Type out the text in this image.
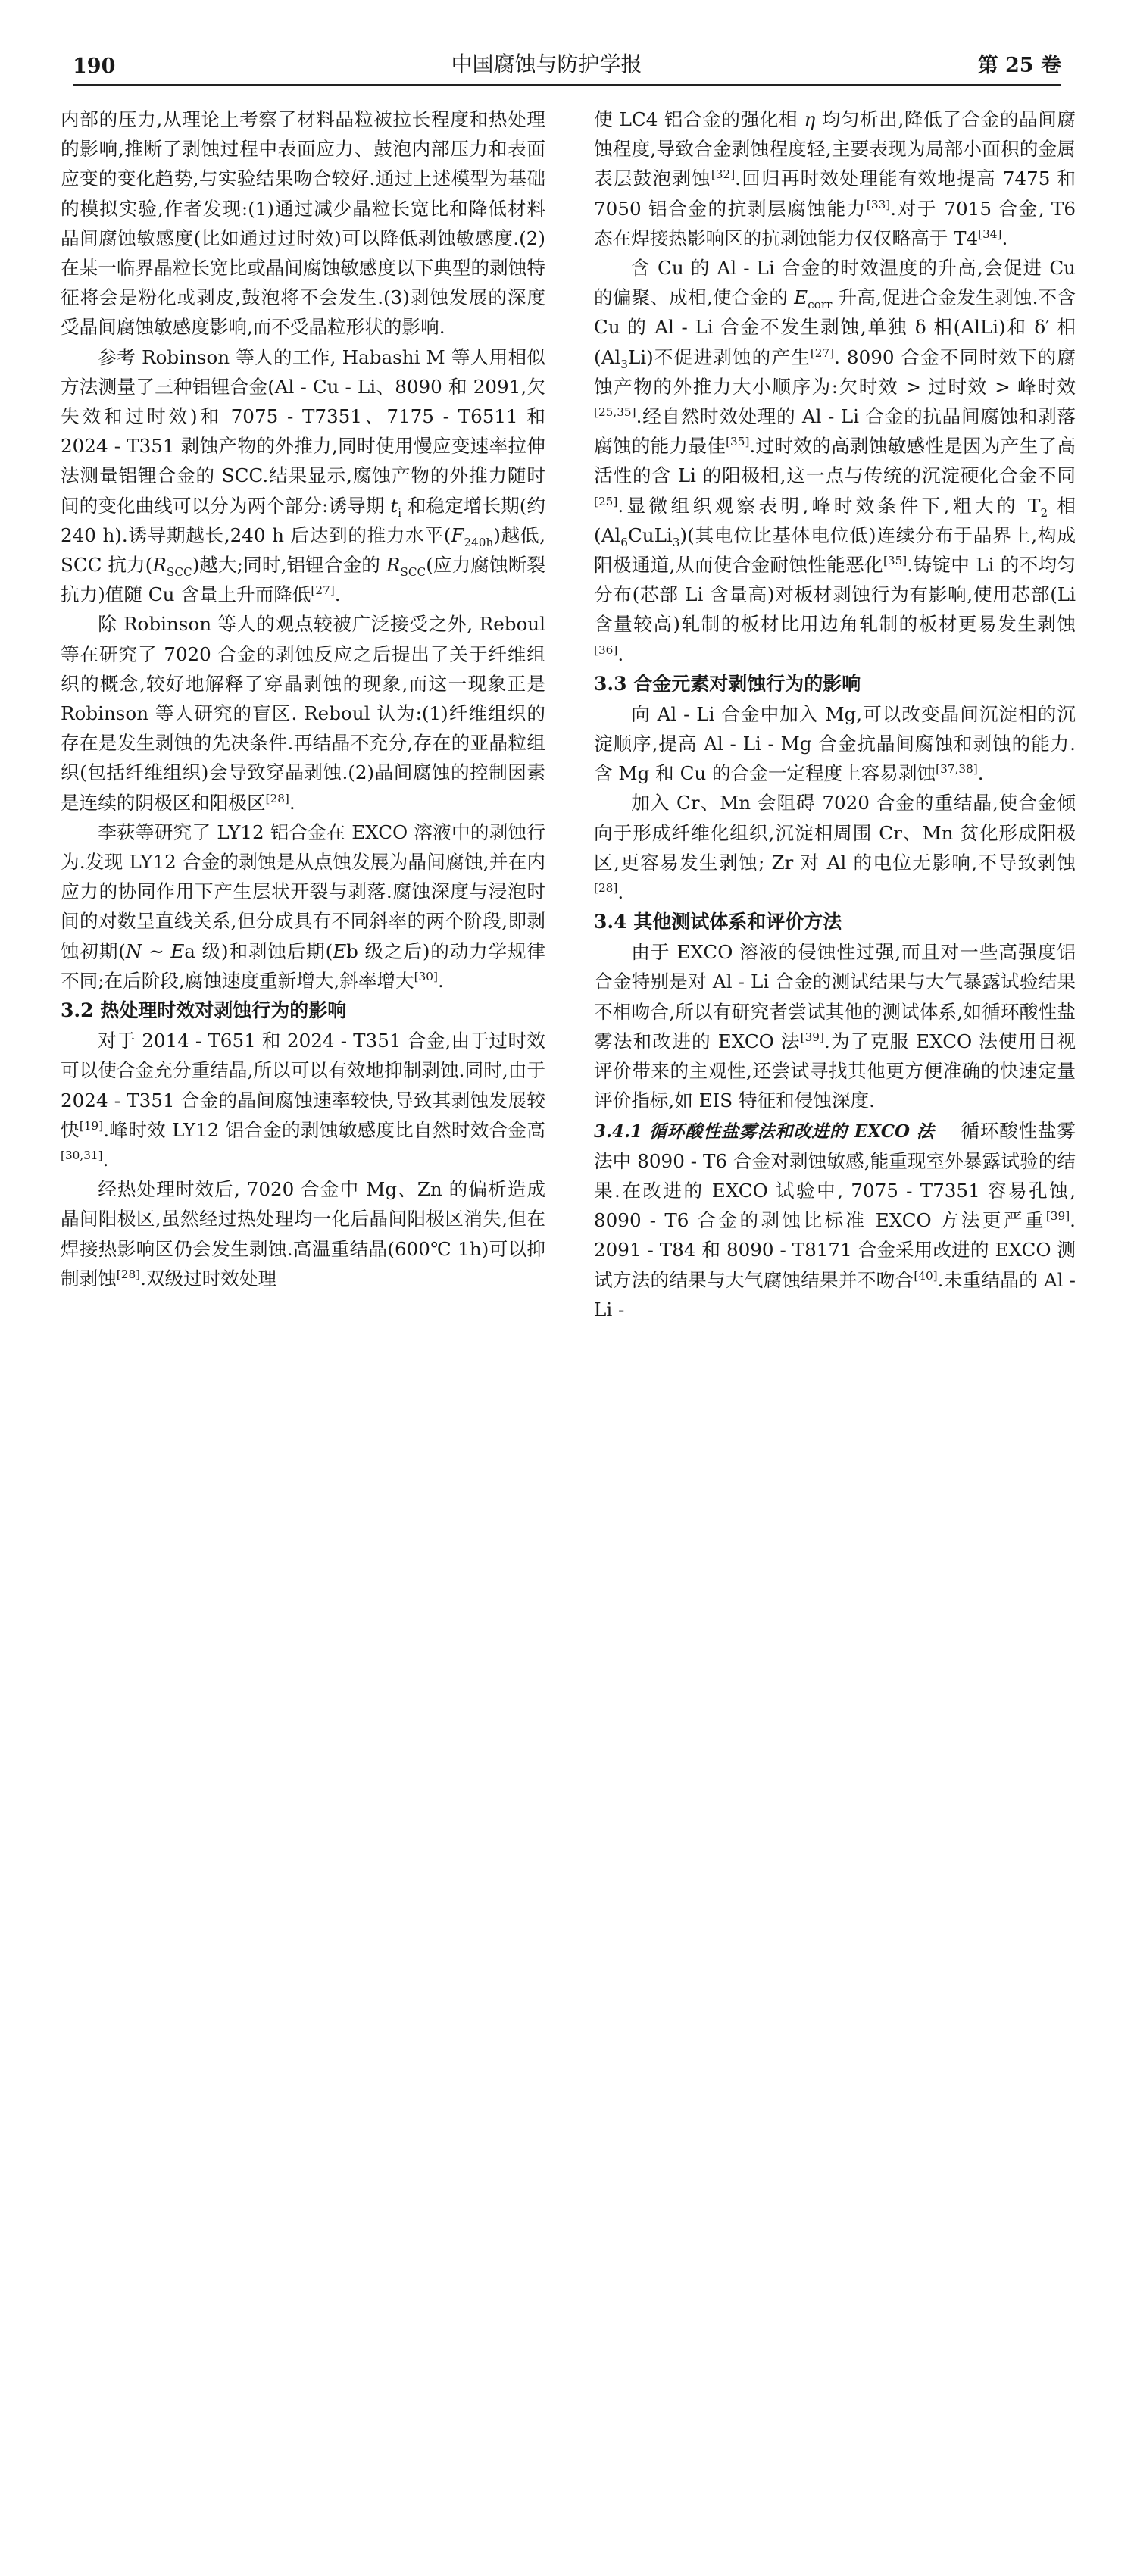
190	中国腐蚀与防护学报	第 25 卷

内部的压力,从理论上考察了材料晶粒被拉长程度和热处理的影响,推断了剥蚀过程中表面应力、鼓泡内部压力和表面应变的变化趋势,与实验结果吻合较好.通过上述模型为基础的模拟实验,作者发现:(1)通过减少晶粒长宽比和降低材料晶间腐蚀敏感度(比如通过过时效)可以降低剥蚀敏感度.(2)在某一临界晶粒长宽比或晶间腐蚀敏感度以下典型的剥蚀特征将会是粉化或剥皮,鼓泡将不会发生.(3)剥蚀发展的深度受晶间腐蚀敏感度影响,而不受晶粒形状的影响.

参考 Robinson 等人的工作, Habashi M 等人用相似方法测量了三种铝锂合金(Al - Cu - Li、8090 和 2091,欠失效和过时效)和 7075 - T7351、7175 - T6511 和 2024 - T351 剥蚀产物的外推力,同时使用慢应变速率拉伸法测量铝锂合金的 SCC.结果显示,腐蚀产物的外推力随时间的变化曲线可以分为两个部分:诱导期 $t_i$ 和稳定增长期(约 240 h).诱导期越长,240 h 后达到的推力水平$(F_{240h})$越低, SCC 抗力$(R_{SCC})$越大;同时,铝锂合金的 $R_{SCC}$(应力腐蚀断裂抗力)值随 Cu 含量上升而降低[27].

除 Robinson 等人的观点较被广泛接受之外, Reboul 等在研究了 7020 合金的剥蚀反应之后提出了关于纤维组织的概念,较好地解释了穿晶剥蚀的现象,而这一现象正是 Robinson 等人研究的盲区. Reboul 认为:(1)纤维组织的存在是发生剥蚀的先决条件.再结晶不充分,存在的亚晶粒组织(包括纤维组织)会导致穿晶剥蚀.(2)晶间腐蚀的控制因素是连续的阴极区和阳极区[28].

李荻等研究了 LY12 铝合金在 EXCO 溶液中的剥蚀行为.发现 LY12 合金的剥蚀是从点蚀发展为晶间腐蚀,并在内应力的协同作用下产生层状开裂与剥落.腐蚀深度与浸泡时间的对数呈直线关系,但分成具有不同斜率的两个阶段,即剥蚀初期(N ~ Ea 级)和剥蚀后期(Eb 级之后)的动力学规律不同;在后阶段,腐蚀速度重新增大,斜率增大[30].

3.2 热处理时效对剥蚀行为的影响

对于 2014 - T651 和 2024 - T351 合金,由于过时效可以使合金充分重结晶,所以可以有效地抑制剥蚀.同时,由于 2024 - T351 合金的晶间腐蚀速率较快,导致其剥蚀发展较快[19].峰时效 LY12 铝合金的剥蚀敏感度比自然时效合金高[30,31].

经热处理时效后, 7020 合金中 Mg、Zn 的偏析造成晶间阳极区,虽然经过热处理均一化后晶间阳极区消失,但在焊接热影响区仍会发生剥蚀.高温重结晶(600℃ 1h)可以抑制剥蚀[28].双级过时效处理

使 LC4 铝合金的强化相 η 均匀析出,降低了合金的晶间腐蚀程度,导致合金剥蚀程度轻,主要表现为局部小面积的金属表层鼓泡剥蚀[32].回归再时效处理能有效地提高 7475 和 7050 铝合金的抗剥层腐蚀能力[33].对于 7015 合金, T6 态在焊接热影响区的抗剥蚀能力仅仅略高于 T4[34].

含 Cu 的 Al - Li 合金的时效温度的升高,会促进 Cu 的偏聚、成相,使合金的 $E_{corr}$ 升高,促进合金发生剥蚀.不含 Cu 的 Al - Li 合金不发生剥蚀,单独 δ 相(AlLi)和 δ′ 相$(Al_3Li)$不促进剥蚀的产生[27]. 8090 合金不同时效下的腐蚀产物的外推力大小顺序为:欠时效 > 过时效 > 峰时效[25,35].经自然时效处理的 Al - Li 合金的抗晶间腐蚀和剥落腐蚀的能力最佳[35].过时效的高剥蚀敏感性是因为产生了高活性的含 Li 的阳极相,这一点与传统的沉淀硬化合金不同[25].显微组织观察表明,峰时效条件下,粗大的 $T_2$ 相$(Al_6CuLi_3)$(其电位比基体电位低)连续分布于晶界上,构成阳极通道,从而使合金耐蚀性能恶化[35].铸锭中 Li 的不均匀分布(芯部 Li 含量高)对板材剥蚀行为有影响,使用芯部(Li 含量较高)轧制的板材比用边角轧制的板材更易发生剥蚀[36].

3.3 合金元素对剥蚀行为的影响

向 Al - Li 合金中加入 Mg,可以改变晶间沉淀相的沉淀顺序,提高 Al - Li - Mg 合金抗晶间腐蚀和剥蚀的能力.含 Mg 和 Cu 的合金一定程度上容易剥蚀[37,38].

加入 Cr、Mn 会阻碍 7020 合金的重结晶,使合金倾向于形成纤维化组织,沉淀相周围 Cr、Mn 贫化形成阳极区,更容易发生剥蚀; Zr 对 Al 的电位无影响,不导致剥蚀[28].

3.4 其他测试体系和评价方法

由于 EXCO 溶液的侵蚀性过强,而且对一些高强度铝合金特别是对 Al - Li 合金的测试结果与大气暴露试验结果不相吻合,所以有研究者尝试其他的测试体系,如循环酸性盐雾法和改进的 EXCO 法[39].为了克服 EXCO 法使用目视评价带来的主观性,还尝试寻找其他更方便准确的快速定量评价指标,如 EIS 特征和侵蚀深度.

3.4.1 循环酸性盐雾法和改进的 EXCO 法 循环酸性盐雾法中 8090 - T6 合金对剥蚀敏感,能重现室外暴露试验的结果.在改进的 EXCO 试验中, 7075 - T7351 容易孔蚀, 8090 - T6 合金的剥蚀比标准 EXCO 方法更严重[39]. 2091 - T84 和 8090 - T8171 合金采用改进的 EXCO 测试方法的结果与大气腐蚀结果并不吻合[40].未重结晶的 Al - Li -
